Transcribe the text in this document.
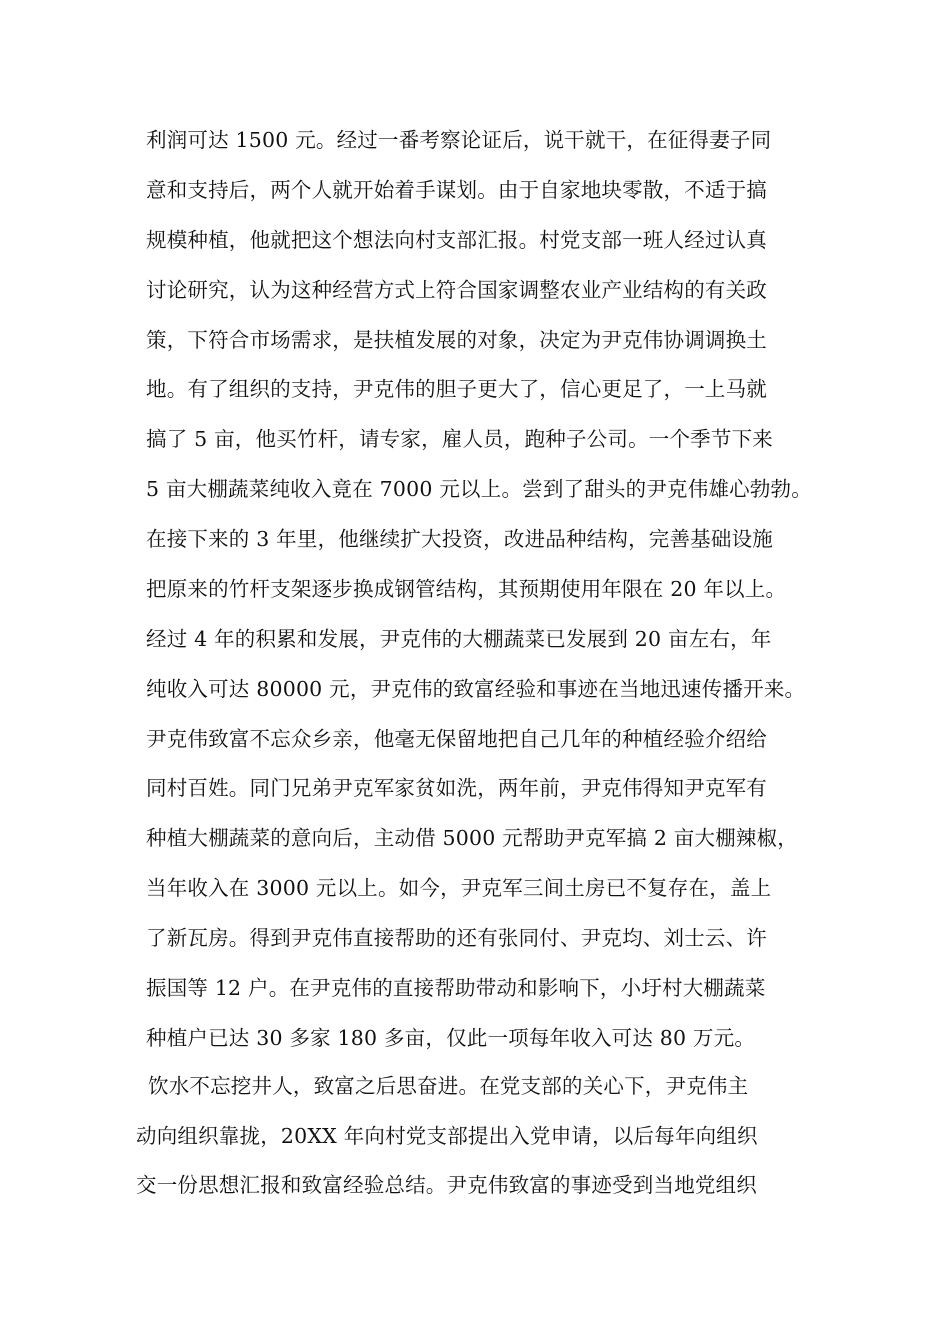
利润可达 1500 元。经过一番考察论证后，说干就干，在征得妻子同
意和支持后，两个人就开始着手谋划。由于自家地块零散，不适于搞
规模种植，他就把这个想法向村支部汇报。村党支部一班人经过认真
讨论研究，认为这种经营方式上符合国家调整农业产业结构的有关政
策，下符合市场需求，是扶植发展的对象，决定为尹克伟协调调换土
地。有了组织的支持，尹克伟的胆子更大了，信心更足了，一上马就
搞了 5 亩，他买竹杆，请专家，雇人员，跑种子公司。一个季节下来
5 亩大棚蔬菜纯收入竟在 7000 元以上。尝到了甜头的尹克伟雄心勃勃。
在接下来的 3 年里，他继续扩大投资，改进品种结构，完善基础设施
把原来的竹杆支架逐步换成钢管结构，其预期使用年限在 20 年以上。
经过 4 年的积累和发展，尹克伟的大棚蔬菜已发展到 20 亩左右，年
纯收入可达 80000 元，尹克伟的致富经验和事迹在当地迅速传播开来。
尹克伟致富不忘众乡亲，他毫无保留地把自己几年的种植经验介绍给
同村百姓。同门兄弟尹克军家贫如洗，两年前，尹克伟得知尹克军有
种植大棚蔬菜的意向后，主动借 5000 元帮助尹克军搞 2 亩大棚辣椒，
当年收入在 3000 元以上。如今，尹克军三间土房已不复存在，盖上
了新瓦房。得到尹克伟直接帮助的还有张同付、尹克均、刘士云、许
振国等 12 户。在尹克伟的直接帮助带动和影响下，小圩村大棚蔬菜
种植户已达 30 多家 180 多亩，仅此一项每年收入可达 80 万元。
饮水不忘挖井人，致富之后思奋进。在党支部的关心下，尹克伟主
动向组织靠拢，20XX 年向村党支部提出入党申请，以后每年向组织
交一份思想汇报和致富经验总结。尹克伟致富的事迹受到当地党组织
